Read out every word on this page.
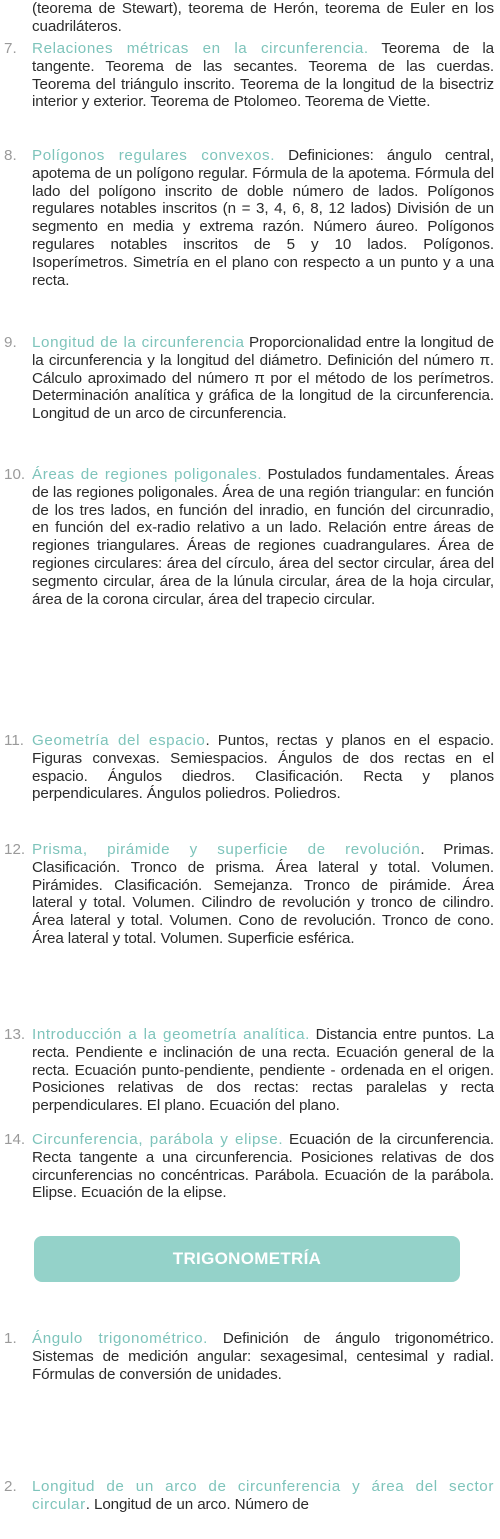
(teorema de Stewart), teorema de Herón, teorema de Euler en los cuadriláteros.
7.	Relaciones métricas en la circunferencia. Teorema de la tangente. Teorema de las secantes. Teorema de las cuerdas. Teorema del triángulo inscrito. Teorema de la longitud de la bisectriz interior y exterior. Teorema de Ptolomeo. Teorema de Viette.
8.	Polígonos regulares convexos. Definiciones: ángulo central, apotema de un polígono regular. Fórmula de la apotema. Fórmula del lado del polígono inscrito de doble número de lados. Polígonos regulares notables inscritos (n = 3, 4, 6, 8, 12 lados) División de un segmento en media y extrema razón. Número áureo. Polígonos regulares notables inscritos de 5 y 10 lados. Polígonos. Isoperímetros. Simetría en el plano con respecto a un punto y a una recta.
9.	Longitud de la circunferencia Proporcionalidad entre la longitud de la circunferencia y la longitud del diámetro. Definición del número π. Cálculo aproximado del número π por el método de los perímetros. Determinación analítica y gráfica de la longitud de la circunferencia. Longitud de un arco de circunferencia.
10. Áreas de regiones poligonales. Postulados fundamentales. Áreas de las regiones poligonales. Área de una región triangular: en función de los tres lados, en función del inradio, en función del circunradio, en función del ex-radio relativo a un lado. Relación entre áreas de regiones triangulares. Áreas de regiones cuadrangulares. Área de regiones circulares: área del círculo, área del sector circular, área del segmento circular, área de la lúnula circular, área de la hoja circular, área de la corona circular, área del trapecio circular.
11. Geometría del espacio. Puntos, rectas y planos en el espacio. Figuras convexas. Semiespacios. Ángulos de dos rectas en el espacio. Ángulos diedros. Clasificación. Recta y planos perpendiculares. Ángulos poliedros. Poliedros.
12. Prisma, pirámide y superficie de revolución. Primas. Clasificación. Tronco de prisma. Área lateral y total. Volumen. Pirámides. Clasificación. Semejanza. Tronco de pirámide. Área lateral y total. Volumen. Cilindro de revolución y tronco de cilindro. Área lateral y total. Volumen. Cono de revolución. Tronco de cono. Área lateral y total. Volumen. Superficie esférica.
13. Introducción a la geometría analítica. Distancia entre puntos. La recta. Pendiente e inclinación de una recta. Ecuación general de la recta. Ecuación punto-pendiente, pendiente - ordenada en el origen. Posiciones relativas de dos rectas: rectas paralelas y recta perpendiculares. El plano. Ecuación del plano.
14. Circunferencia, parábola y elipse. Ecuación de la circunferencia. Recta tangente a una circunferencia. Posiciones relativas de dos circunferencias no concéntricas. Parábola. Ecuación de la parábola. Elipse. Ecuación de la elipse.
TRIGONOMETRÍA
1.	Ángulo trigonométrico. Definición de ángulo trigonométrico. Sistemas de medición angular: sexagesimal, centesimal y radial. Fórmulas de conversión de unidades.
2.	Longitud de un arco de circunferencia y área del sector circular. Longitud de un arco. Número de
